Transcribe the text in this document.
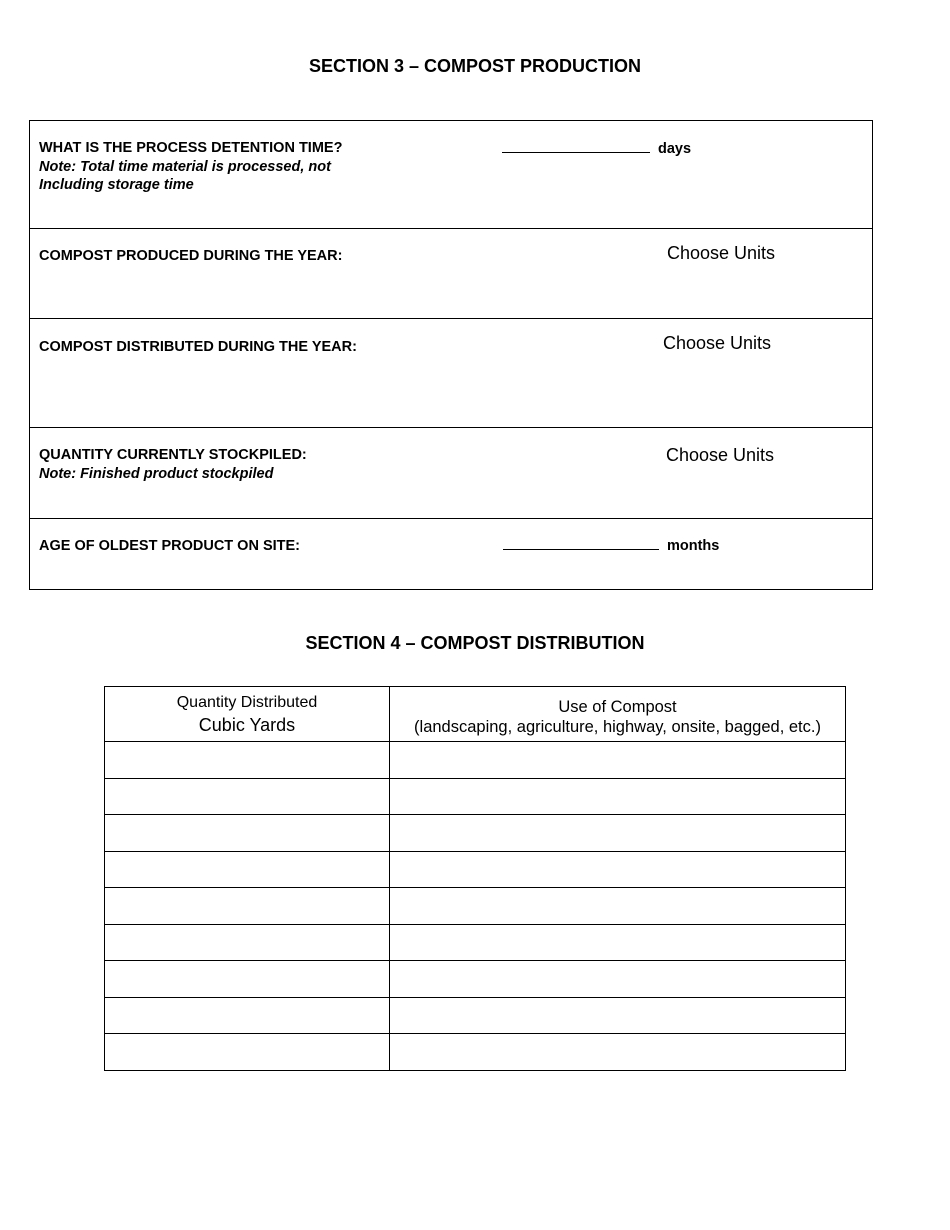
SECTION 3 – COMPOST PRODUCTION
WHAT IS THE PROCESS DETENTION TIME?
Note: Total time material is processed, not
Including storage time
days
COMPOST PRODUCED DURING THE YEAR:	Choose Units
COMPOST DISTRIBUTED DURING THE YEAR:	Choose Units
QUANTITY CURRENTLY STOCKPILED:
Note: Finished product stockpiled
Choose Units
AGE OF OLDEST PRODUCT ON SITE:	months
SECTION 4 – COMPOST DISTRIBUTION
Quantity Distributed
Cubic Yards	Use of Compost
(landscaping, agriculture, highway, onsite, bagged, etc.)
